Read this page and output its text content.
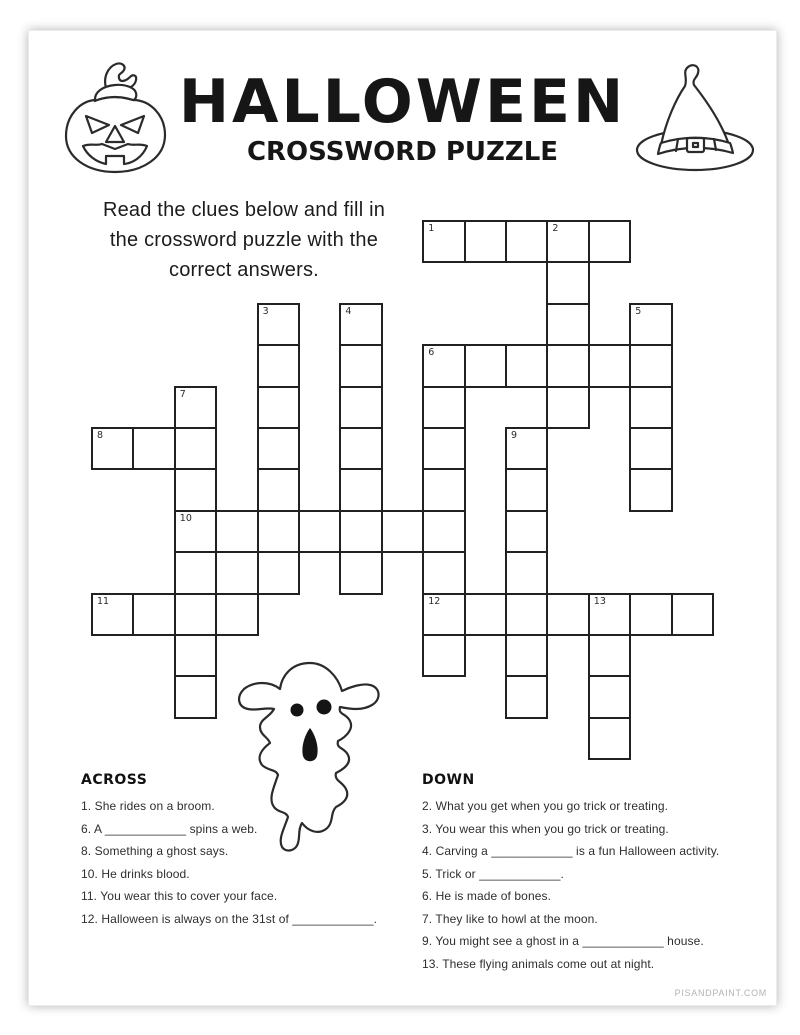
HALLOWEEN
CROSSWORD PUZZLE
Read the clues below and fill in
the crossword puzzle with the
correct answers.
1	2
3	4	5
6
7
8	9
10
11	12	13
ACROSS
1. She rides on a broom.
6. A ____________ spins a web.
8. Something a ghost says.
10. He drinks blood.
11. You wear this to cover your face.
12. Halloween is always on the 31st of ____________.
DOWN
2. What you get when you go trick or treating.
3. You wear this when you go trick or treating.
4. Carving a ____________ is a fun Halloween activity.
5. Trick or ____________.
6. He is made of bones.
7. They like to howl at the moon.
9. You might see a ghost in a ____________ house.
13. These flying animals come out at night.
PISANDPAINT.COM
